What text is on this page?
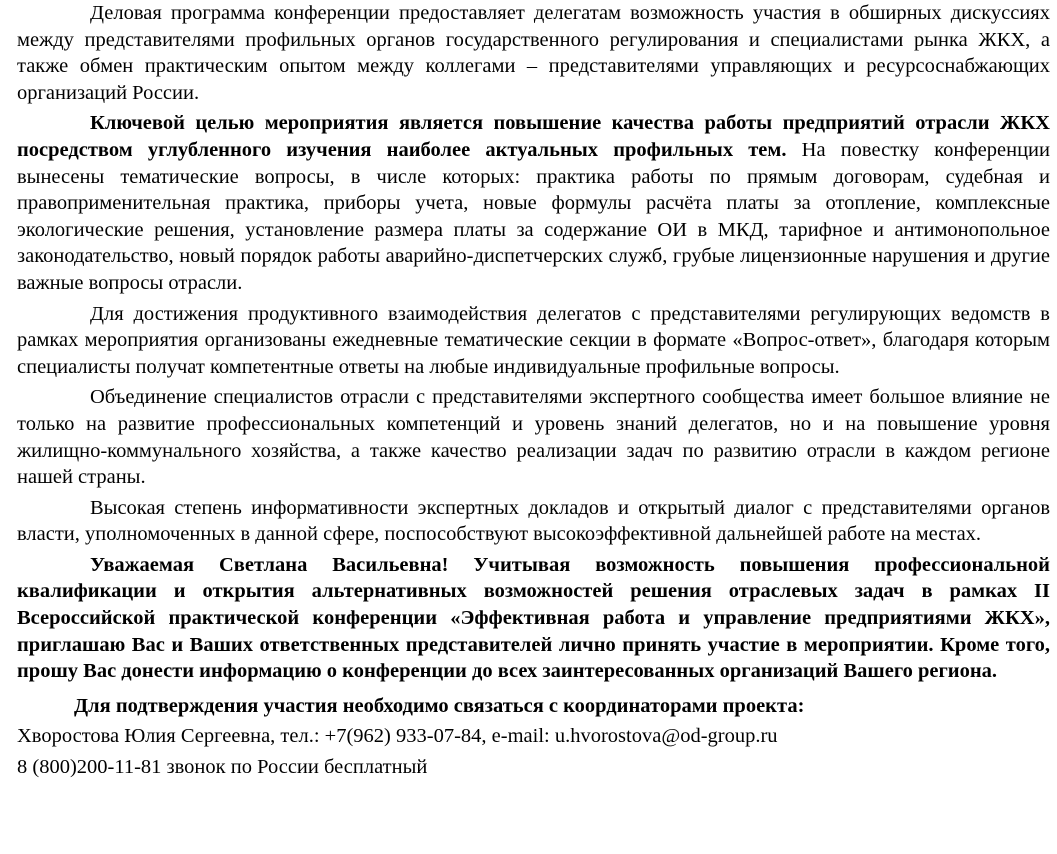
Деловая программа конференции предоставляет делегатам возможность участия в обширных дискуссиях между представителями профильных органов государственного регулирования и специалистами рынка ЖКХ, а также обмен практическим опытом между коллегами – представителями управляющих и ресурсоснабжающих организаций России.

Ключевой целью мероприятия является повышение качества работы предприятий отрасли ЖКХ посредством углубленного изучения наиболее актуальных профильных тем. На повестку конференции вынесены тематические вопросы, в числе которых: практика работы по прямым договорам, судебная и правоприменительная практика, приборы учета, новые формулы расчёта платы за отопление, комплексные экологические решения, установление размера платы за содержание ОИ в МКД, тарифное и антимонопольное законодательство, новый порядок работы аварийно-диспетчерских служб, грубые лицензионные нарушения и другие важные вопросы отрасли.

Для достижения продуктивного взаимодействия делегатов с представителями регулирующих ведомств в рамках мероприятия организованы ежедневные тематические секции в формате «Вопрос-ответ», благодаря которым специалисты получат компетентные ответы на любые индивидуальные профильные вопросы.

Объединение специалистов отрасли с представителями экспертного сообщества имеет большое влияние не только на развитие профессиональных компетенций и уровень знаний делегатов, но и на повышение уровня жилищно-коммунального хозяйства, а также качество реализации задач по развитию отрасли в каждом регионе нашей страны.

Высокая степень информативности экспертных докладов и открытый диалог с представителями органов власти, уполномоченных в данной сфере, поспособствуют высокоэффективной дальнейшей работе на местах.

Уважаемая Светлана Васильевна! Учитывая возможность повышения профессиональной квалификации и открытия альтернативных возможностей решения отраслевых задач в рамках II Всероссийской практической конференции «Эффективная работа и управление предприятиями ЖКХ», приглашаю Вас и Ваших ответственных представителей лично принять участие в мероприятии. Кроме того, прошу Вас донести информацию о конференции до всех заинтересованных организаций Вашего региона.

Для подтверждения участия необходимо связаться с координаторами проекта:

Хворостова Юлия Сергеевна, тел.: +7(962) 933-07-84, e-mail: u.hvorostova@od-group.ru

8 (800)200-11-81 звонок по России бесплатный
